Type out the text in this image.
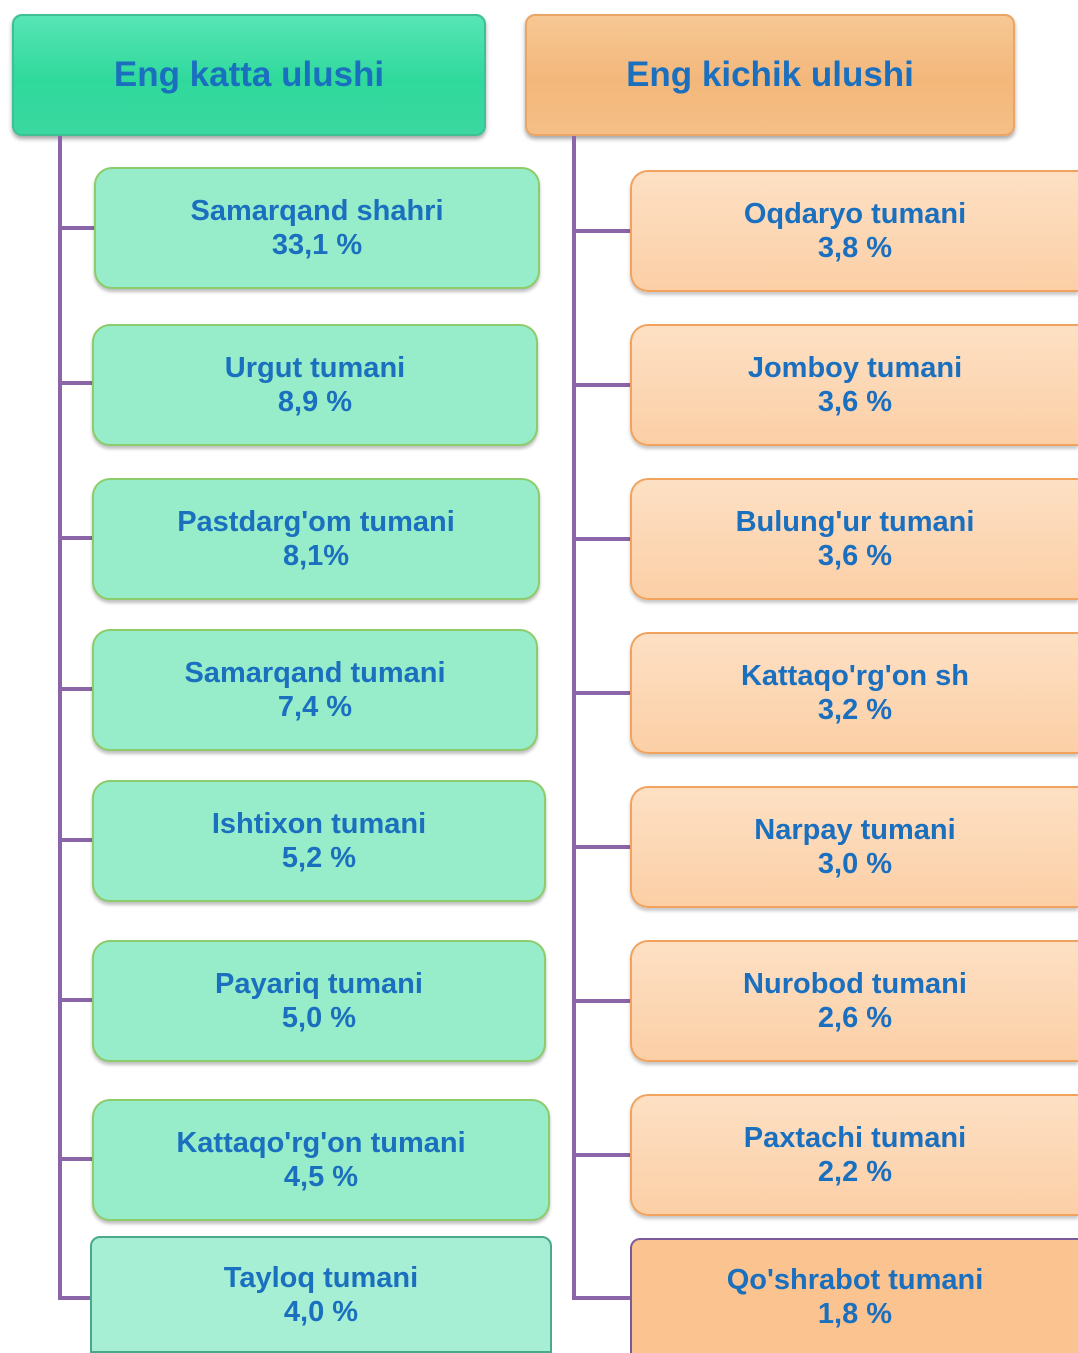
Eng katta ulushi	Eng kichik ulushi
Samarqand shahri
33,1 %
Urgut tumani
8,9 %
Pastdarg'om tumani
8,1%
Samarqand tumani
7,4 %
Ishtixon tumani
5,2 %
Payariq tumani
5,0 %
Kattaqo'rg'on tumani
4,5 %
Tayloq tumani
4,0 %
Oqdaryo tumani
3,8 %
Jomboy tumani
3,6 %
Bulung'ur tumani
3,6 %
Kattaqo'rg'on sh
3,2 %
Narpay tumani
3,0 %
Nurobod tumani
2,6 %
Paxtachi tumani
2,2 %
Qo'shrabot tumani
1,8 %
